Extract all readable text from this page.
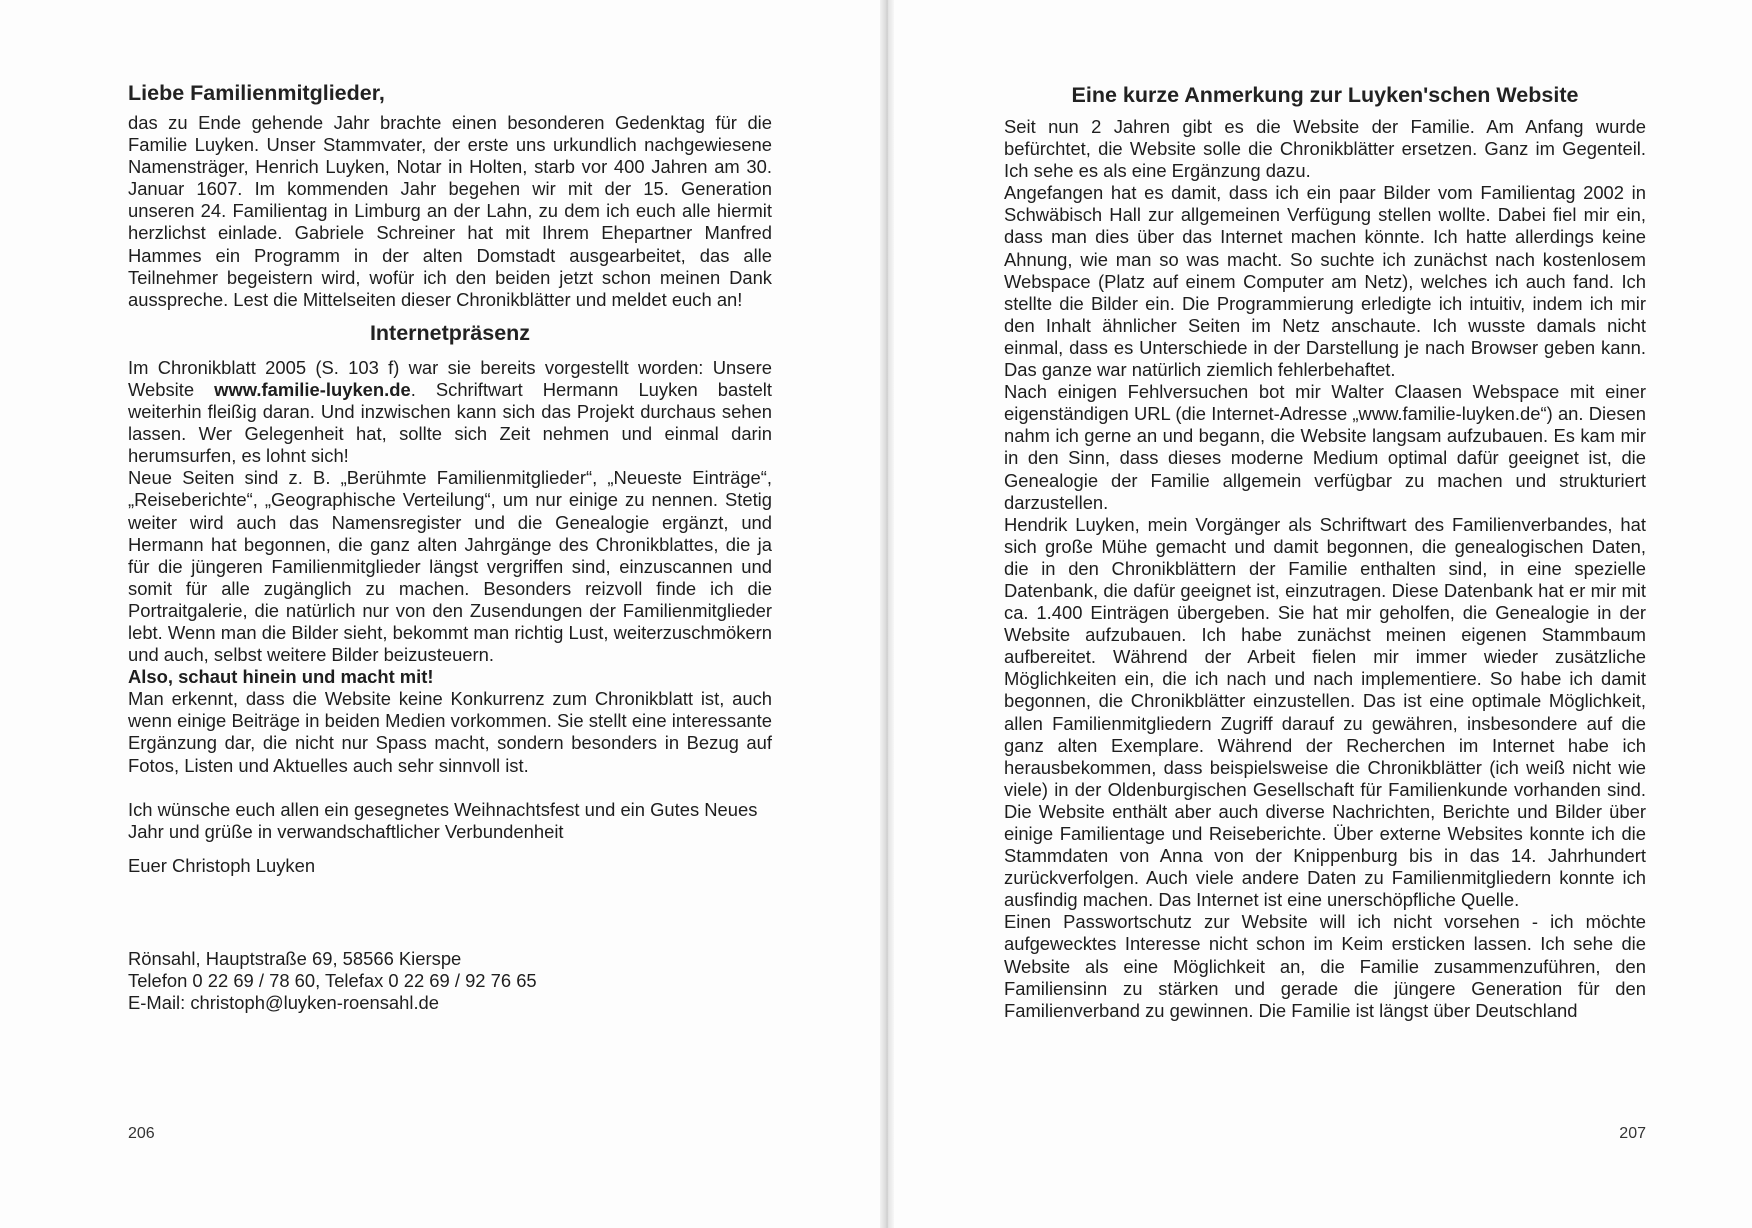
Liebe Familienmitglieder,

das zu Ende gehende Jahr brachte einen besonderen Gedenktag für die Familie Luyken. Unser Stammvater, der erste uns urkundlich nachgewiesene Namensträger, Henrich Luyken, Notar in Holten, starb vor 400 Jahren am 30. Januar 1607. Im kommenden Jahr begehen wir mit der 15. Generation unseren 24. Familientag in Limburg an der Lahn, zu dem ich euch alle hiermit herzlichst einlade. Gabriele Schreiner hat mit Ihrem Ehepartner Manfred Hammes ein Programm in der alten Domstadt ausgearbeitet, das alle Teilnehmer begeistern wird, wofür ich den beiden jetzt schon meinen Dank ausspreche. Lest die Mittelseiten dieser Chronikblätter und meldet euch an!

Internetpräsenz

Im Chronikblatt 2005 (S. 103 f) war sie bereits vorgestellt worden: Unsere Website www.familie-luyken.de. Schriftwart Hermann Luyken bastelt weiterhin fleißig daran. Und inzwischen kann sich das Projekt durchaus sehen lassen. Wer Gelegenheit hat, sollte sich Zeit nehmen und einmal darin herumsurfen, es lohnt sich!

Neue Seiten sind z. B. „Berühmte Familienmitglieder“, „Neueste Einträge“, „Reiseberichte“, „Geographische Verteilung“, um nur einige zu nennen. Stetig weiter wird auch das Namensregister und die Genealogie ergänzt, und Hermann hat begonnen, die ganz alten Jahrgänge des Chronikblattes, die ja für die jüngeren Familienmitglieder längst vergriffen sind, einzuscannen und somit für alle zugänglich zu machen. Besonders reizvoll finde ich die Portraitgalerie, die natürlich nur von den Zusendungen der Familienmitglieder lebt. Wenn man die Bilder sieht, bekommt man richtig Lust, weiterzuschmökern und auch, selbst weitere Bilder beizusteuern.

Also, schaut hinein und macht mit!

Man erkennt, dass die Website keine Konkurrenz zum Chronikblatt ist, auch wenn einige Beiträge in beiden Medien vorkommen. Sie stellt eine interessante Ergänzung dar, die nicht nur Spass macht, sondern besonders in Bezug auf Fotos, Listen und Aktuelles auch sehr sinnvoll ist.

Ich wünsche euch allen ein gesegnetes Weihnachtsfest und ein Gutes Neues Jahr und grüße in verwandschaftlicher Verbundenheit

Euer Christoph Luyken

Rönsahl, Hauptstraße 69, 58566 Kierspe

Telefon 0 22 69 / 78 60, Telefax 0 22 69 / 92 76 65

E-Mail: christoph@luyken-roensahl.de

206
Eine kurze Anmerkung zur Luyken'schen Website

Seit nun 2 Jahren gibt es die Website der Familie. Am Anfang wurde befürchtet, die Website solle die Chronikblätter ersetzen. Ganz im Gegenteil. Ich sehe es als eine Ergänzung dazu.

Angefangen hat es damit, dass ich ein paar Bilder vom Familientag 2002 in Schwäbisch Hall zur allgemeinen Verfügung stellen wollte. Dabei fiel mir ein, dass man dies über das Internet machen könnte. Ich hatte allerdings keine Ahnung, wie man so was macht. So suchte ich zunächst nach kostenlosem Webspace (Platz auf einem Computer am Netz), welches ich auch fand. Ich stellte die Bilder ein. Die Programmierung erledigte ich intuitiv, indem ich mir den Inhalt ähnlicher Seiten im Netz anschaute. Ich wusste damals nicht einmal, dass es Unterschiede in der Darstellung je nach Browser geben kann. Das ganze war natürlich ziemlich fehlerbehaftet.

Nach einigen Fehlversuchen bot mir Walter Claasen Webspace mit einer eigenständigen URL (die Internet-Adresse „www.familie-luyken.de“) an. Diesen nahm ich gerne an und begann, die Website langsam aufzubauen. Es kam mir in den Sinn, dass dieses moderne Medium optimal dafür geeignet ist, die Genealogie der Familie allgemein verfügbar zu machen und strukturiert darzustellen.

Hendrik Luyken, mein Vorgänger als Schriftwart des Familienverbandes, hat sich große Mühe gemacht und damit begonnen, die genealogischen Daten, die in den Chronikblättern der Familie enthalten sind, in eine spezielle Datenbank, die dafür geeignet ist, einzutragen. Diese Datenbank hat er mir mit ca. 1.400 Einträgen übergeben. Sie hat mir geholfen, die Genealogie in der Website aufzubauen. Ich habe zunächst meinen eigenen Stammbaum aufbereitet. Während der Arbeit fielen mir immer wieder zusätzliche Möglichkeiten ein, die ich nach und nach implementiere. So habe ich damit begonnen, die Chronikblätter einzustellen. Das ist eine optimale Möglichkeit, allen Familienmitgliedern Zugriff darauf zu gewähren, insbesondere auf die ganz alten Exemplare. Während der Recherchen im Internet habe ich herausbekommen, dass beispielsweise die Chronikblätter (ich weiß nicht wie viele) in der Oldenburgischen Gesellschaft für Familienkunde vorhanden sind. Die Website enthält aber auch diverse Nachrichten, Berichte und Bilder über einige Familientage und Reiseberichte. Über externe Websites konnte ich die Stammdaten von Anna von der Knippenburg bis in das 14. Jahrhundert zurückverfolgen. Auch viele andere Daten zu Familienmitgliedern konnte ich ausfindig machen. Das Internet ist eine unerschöpfliche Quelle.

Einen Passwortschutz zur Website will ich nicht vorsehen - ich möchte aufgewecktes Interesse nicht schon im Keim ersticken lassen. Ich sehe die Website als eine Möglichkeit an, die Familie zusammenzuführen, den Familiensinn zu stärken und gerade die jüngere Generation für den Familienverband zu gewinnen. Die Familie ist längst über Deutschland

207
